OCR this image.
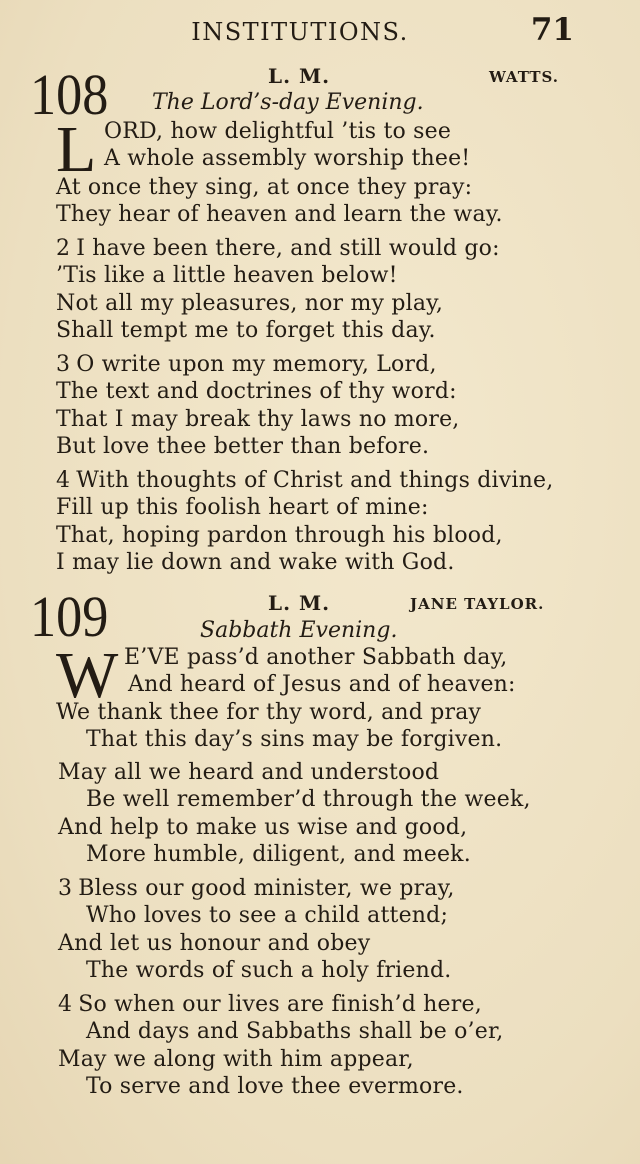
INSTITUTIONS.	71
108	L. M.	WATTS.
The Lord’s-day Evening.
L ORD, how delightful ’tis to see
A whole assembly worship thee!
At once they sing, at once they pray:
They hear of heaven and learn the way.
2 I have been there, and still would go:
’Tis like a little heaven below!
Not all my pleasures, nor my play,
Shall tempt me to forget this day.
3 O write upon my memory, Lord,
The text and doctrines of thy word:
That I may break thy laws no more,
But love thee better than before.
4 With thoughts of Christ and things divine,
Fill up this foolish heart of mine:
That, hoping pardon through his blood,
I may lie down and wake with God.
109	L. M.	JANE TAYLOR.
Sabbath Evening.
W E’VE pass’d another Sabbath day,
And heard of Jesus and of heaven:
We thank thee for thy word, and pray
That this day’s sins may be forgiven.
May all we heard and understood
Be well remember’d through the week,
And help to make us wise and good,
More humble, diligent, and meek.
3 Bless our good minister, we pray,
Who loves to see a child attend;
And let us honour and obey
The words of such a holy friend.
4 So when our lives are finish’d here,
And days and Sabbaths shall be o’er,
May we along with him appear,
To serve and love thee evermore.
